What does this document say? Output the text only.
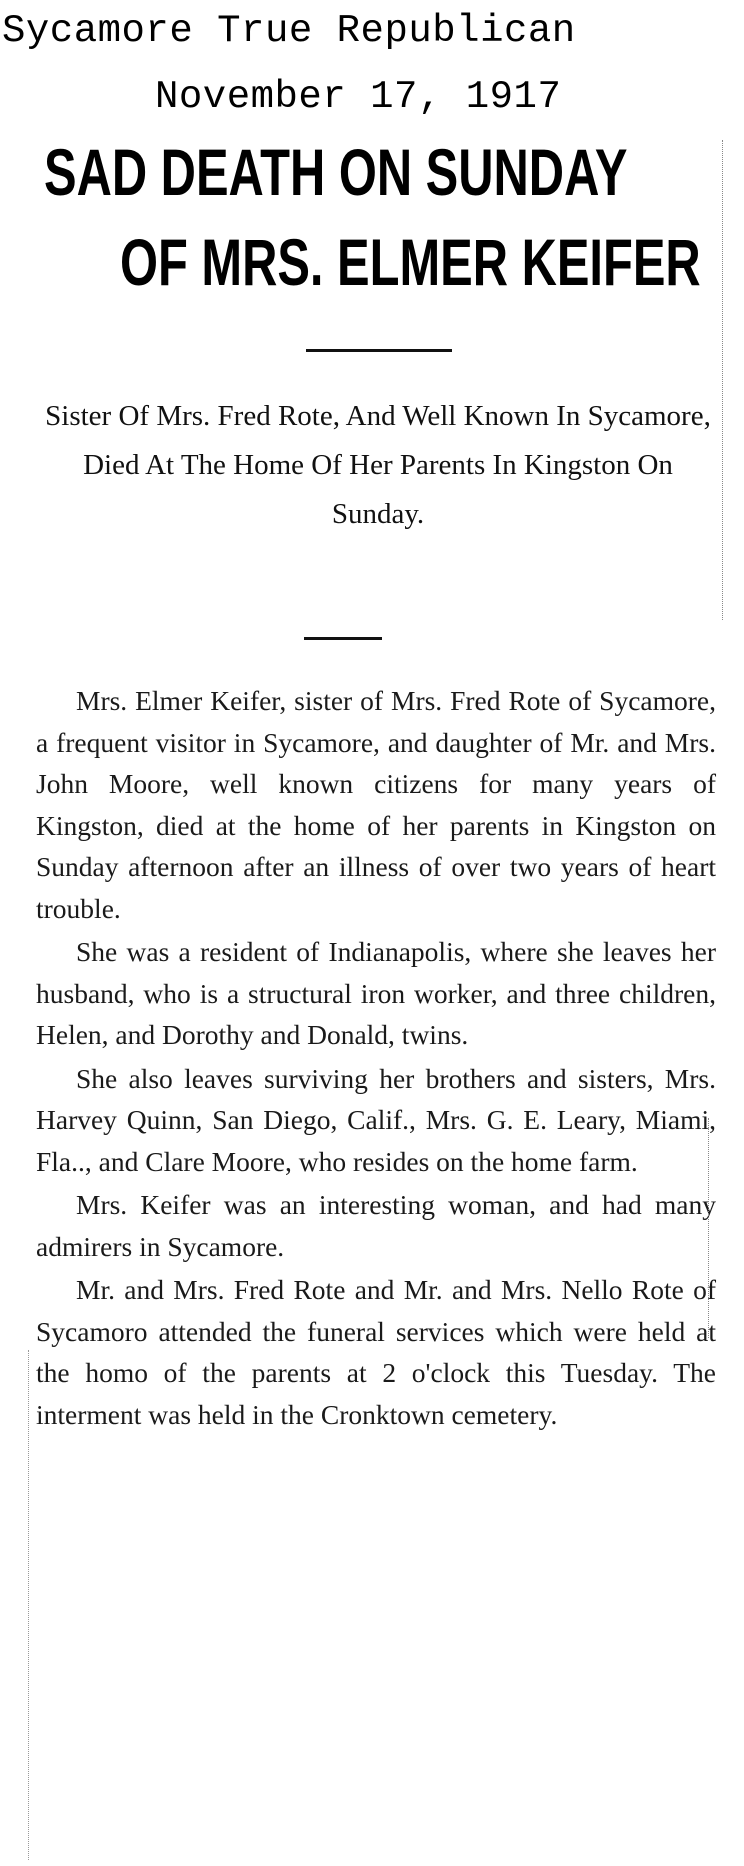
Sycamore True Republican
November 17, 1917
SAD DEATH ON SUNDAY
OF MRS. ELMER KEIFER
Sister Of Mrs. Fred Rote, And Well Known In Sycamore, Died At The Home Of Her Parents In Kingston On Sunday.

Mrs. Elmer Keifer, sister of Mrs. Fred Rote of Sycamore, a frequent visitor in Sycamore, and daughter of Mr. and Mrs. John Moore, well known citizens for many years of Kingston, died at the home of her parents in Kingston on Sunday afternoon after an illness of over two years of heart trouble.

She was a resident of Indianapolis, where she leaves her husband, who is a structural iron worker, and three children, Helen, and Dorothy and Donald, twins.

She also leaves surviving her brothers and sisters, Mrs. Harvey Quinn, San Diego, Calif., Mrs. G. E. Leary, Miami, Fla.., and Clare Moore, who resides on the home farm.

Mrs. Keifer was an interesting woman, and had many admirers in Sycamore.

Mr. and Mrs. Fred Rote and Mr. and Mrs. Nello Rote of Sycamoro attended the funeral services which were held at the homo of the parents at 2 o'clock this Tuesday. The interment was held in the Cronktown cemetery.
